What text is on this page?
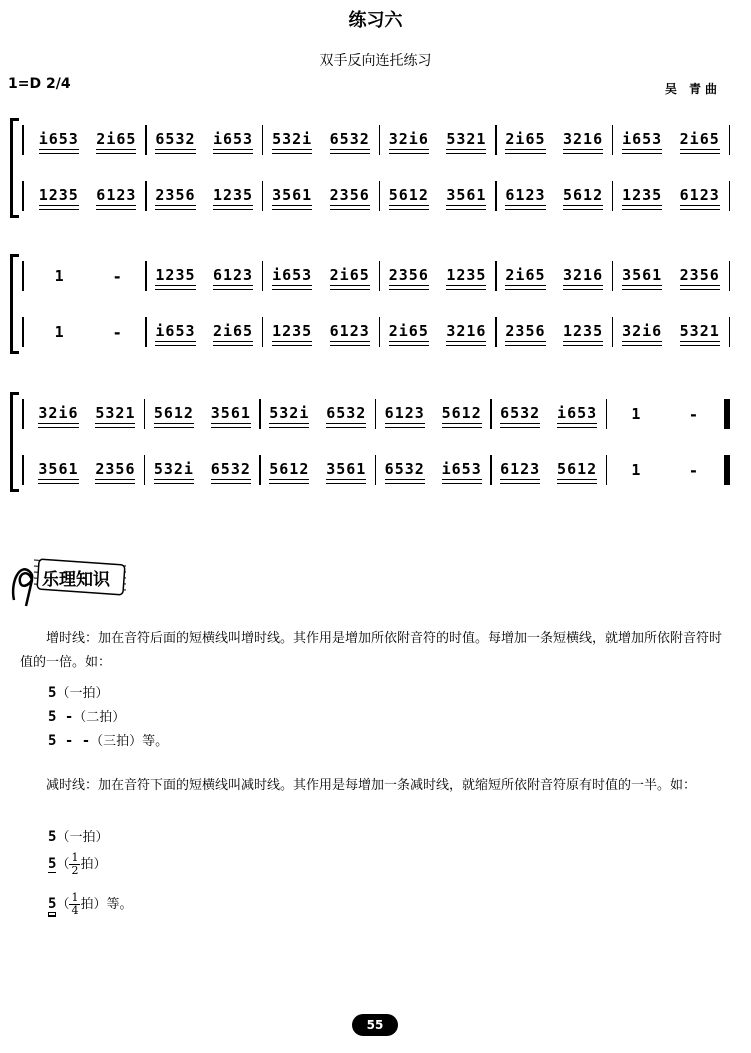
练习六
双手反向连托练习
1=D 2/4	吴 青曲
i653 2i65 6532 i653 532i 6532 32i6 5321 2i65 3216 i653 2i65
1235 6123 2356 1235 3561 2356 5612 3561 6123 5612 1235 6123
1	- 1235 6123 i653 2i65 2356 1235 2i65 3216 3561 2356
1	- i653 2i65 1235 6123 2i65 3216 2356 1235 32i6 5321
32i6 5321 5612 3561 532i 6532 6123 5612 6532 i653 1	-
3561 2356 532i 6532 5612 3561 6532 i653 6123 5612 1	-
乐理知识
增时线：加在音符后面的短横线叫增时线。其作用是增加所依附音符的时值。每增加一条短横线，就增加所依附音符时值的一倍。如：
5（一拍）
5 -（二拍）
5 - -（三拍）等。
减时线：加在音符下面的短横线叫减时线。其作用是每增加一条减时线，就缩短所依附音符原有时值的一半。如：
5（一拍）
$5( \frac{1}{2}$ 拍）
$5( \frac{1}{4}$ 拍）等。
55
